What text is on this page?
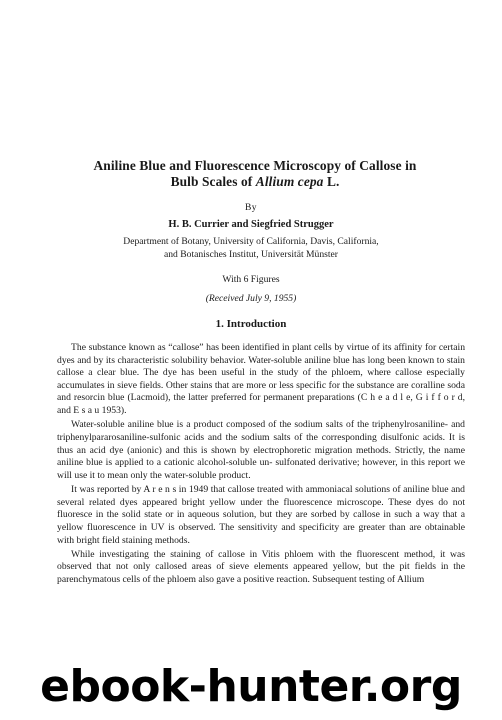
Aniline Blue and Fluorescence Microscopy of Callose in
Bulb Scales of Allium cepa L.
By
H. B. Currier and Siegfried Strugger
Department of Botany, University of California, Davis, California,
and Botanisches Institut, Universität Münster
With 6 Figures
(Received July 9, 1955)
1. Introduction

The substance known as “callose” has been identified in plant cells by virtue of its affinity for certain dyes and by its characteristic solubility behavior. Water-soluble aniline blue has long been known to stain callose a clear blue. The dye has been useful in the study of the phloem, where callose especially accumulates in sieve fields. Other stains that are more or less specific for the substance are coralline soda and resorcin blue (Lacmoid), the latter preferred for permanent preparations (C h e a d l e, G i f f o r d, and E s a u 1953).

Water-soluble aniline blue is a product composed of the sodium salts of the triphenylrosaniline- and triphenylpararosaniline-sulfonic acids and the sodium salts of the corresponding disulfonic acids. It is thus an acid dye (anionic) and this is shown by electrophoretic migration methods. Strictly, the name aniline blue is applied to a cationic alcohol-soluble un- sulfonated derivative; however, in this report we will use it to mean only the water-soluble product.

It was reported by A r e n s in 1949 that callose treated with ammoniacal solutions of aniline blue and several related dyes appeared bright yellow under the fluorescence microscope. These dyes do not fluoresce in the solid state or in aqueous solution, but they are sorbed by callose in such a way that a yellow fluorescence in UV is observed. The sensitivity and specificity are greater than are obtainable with bright field staining methods.

While investigating the staining of callose in Vitis phloem with the fluorescent method, it was observed that not only callosed areas of sieve elements appeared yellow, but the pit fields in the parenchymatous cells of the phloem also gave a positive reaction. Subsequent testing of Allium

ebook-hunter.org
